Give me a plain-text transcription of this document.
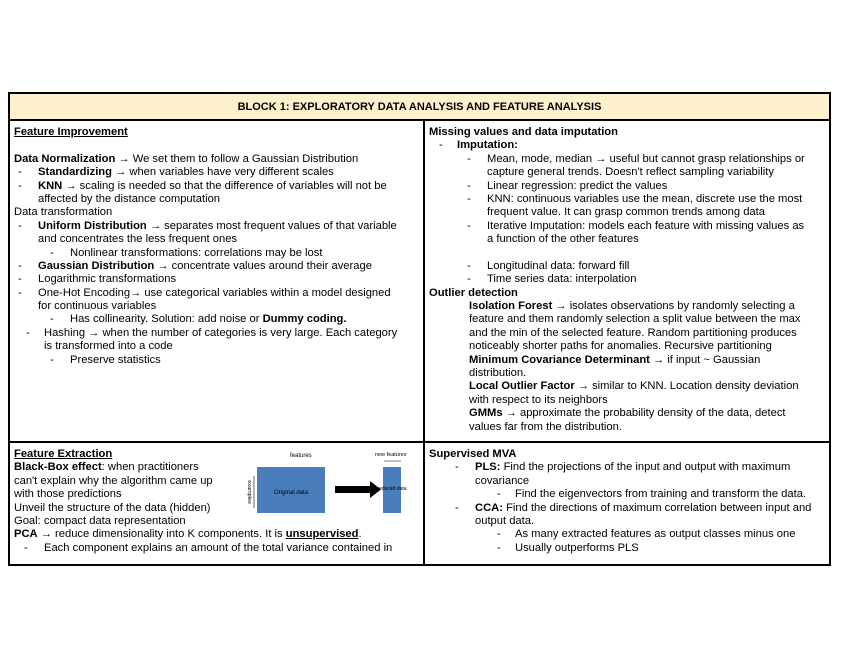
BLOCK 1: EXPLORATORY DATA ANALYSIS AND FEATURE ANALYSIS
Feature Improvement
Data Normalization → We set them to follow a Gaussian Distribution
- Standardizing → when variables have very different scales
- KNN → scaling is needed so that the difference of variables will not be
affected by the distance computation
Data transformation
- Uniform Distribution → separates most frequent values of that variable
and concentrates the less frequent ones
- Nonlinear transformations: correlations may be lost
- Gaussian Distribution → concentrate values around their average
- Logarithmic transformations
- One-Hot Encoding→ use categorical variables within a model designed
for continuous variables
- Has collinearity. Solution: add noise or Dummy coding.
- Hashing → when the number of categories is very large. Each category
is transformed into a code
- Preserve statistics
Missing values and data imputation
- Imputation:
- Mean, mode, median → useful but cannot grasp relationships or
capture general trends. Doesn't reflect sampling variability
- Linear regression: predict the values
- KNN: continuous variables use the mean, discrete use the most
frequent value. It can grasp common trends among data
- Iterative Imputation: models each feature with missing values as
a function of the other features
- Longitudinal data: forward fill
- Time series data: interpolation
Outlier detection
Isolation Forest → isolates observations by randomly selecting a
feature and them randomly selection a split value between the max
and the min of the selected feature. Random partitioning produces
noticeably shorter paths for anomalies. Recursive partitioning
Minimum Covariance Determinant → if input ~ Gaussian
distribution.
Local Outlier Factor → similar to KNN. Location density deviation
with respect to its neighbors
GMMs → approximate the probability density of the data, detect
values far from the distribution.
Feature Extraction
Black-Box effect: when practitioners
can't explain why the algorithm came up
with those predictions
Unveil the structure of the data (hidden)
Goal: compact data representation
PCA → reduce dimensionality into K components. It is unsupervised.
- Each component explains an amount of the total variance contained in
features
examples	Original data
new features
reduced data
Supervised MVA
- PLS: Find the projections of the input and output with maximum
covariance
- Find the eigenvectors from training and transform the data.
- CCA: Find the directions of maximum correlation between input and
output data.
- As many extracted features as output classes minus one
- Usually outperforms PLS
